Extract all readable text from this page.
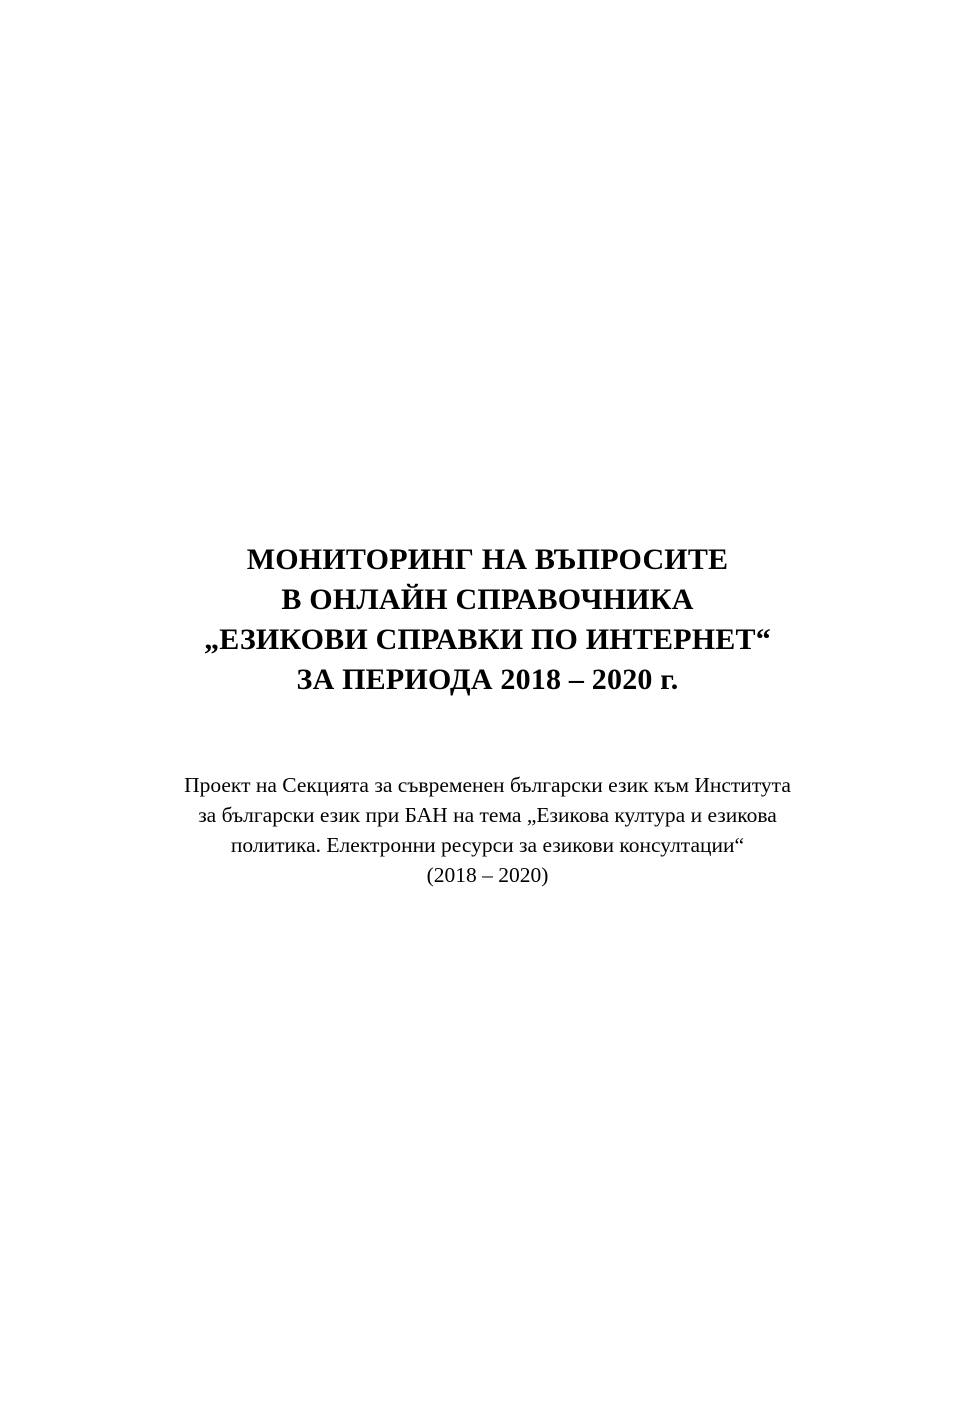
МОНИТОРИНГ НА ВЪПРОСИТЕ
В ОНЛАЙН СПРАВОЧНИКА
„ЕЗИКОВИ СПРАВКИ ПО ИНТЕРНЕТ“
ЗА ПЕРИОДА 2018 – 2020 г.
Проект на Секцията за съвременен български език към Института
за български език при БАН на тема „Езикова култура и езикова
политика. Електронни ресурси за езикови консултации“
(2018 – 2020)
